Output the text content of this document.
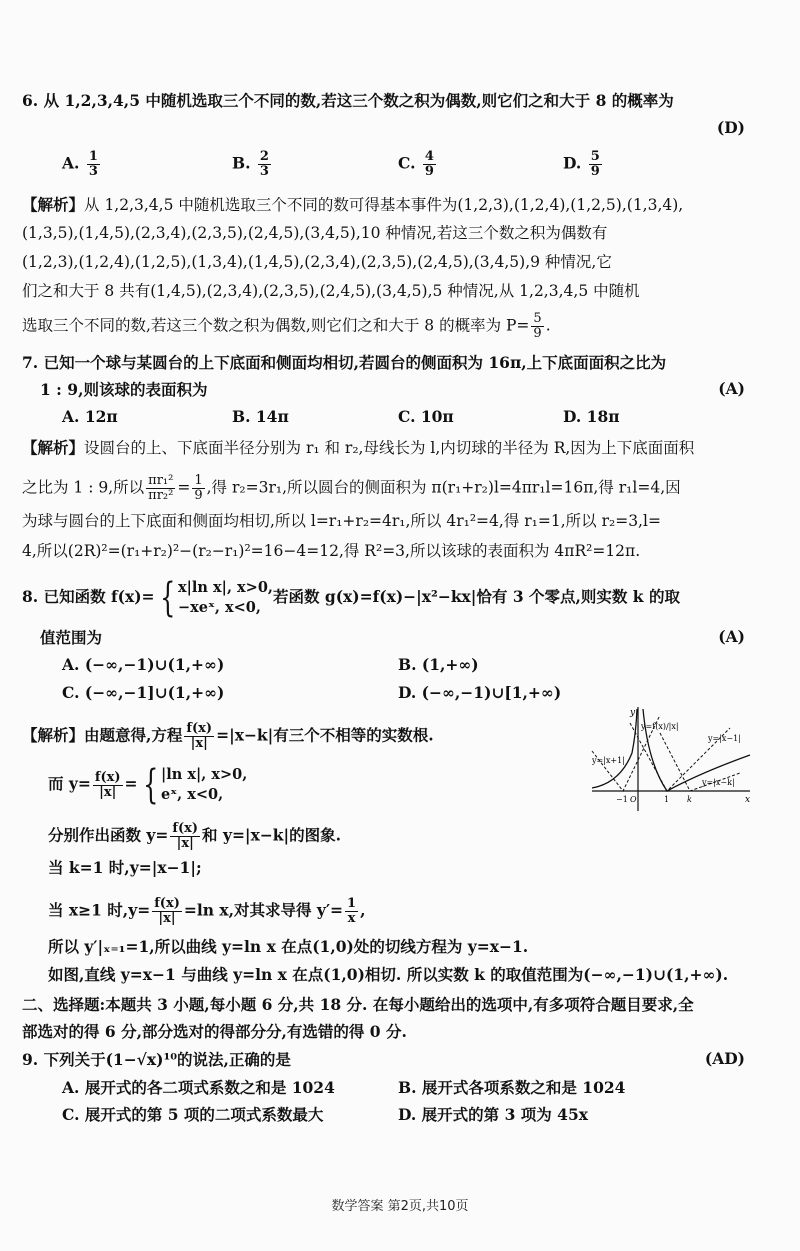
6. 从 1,2,3,4,5 中随机选取三个不同的数,若这三个数之积为偶数,则它们之和大于 8 的概率为
(D)
A. $\frac{1}{3}$	B. $\frac{2}{3}$	C. $\frac{4}{9}$	D. $\frac{5}{9}$
【解析】从 1,2,3,4,5 中随机选取三个不同的数可得基本事件为(1,2,3),(1,2,4),(1,2,5),(1,3,4),
(1,3,5),(1,4,5),(2,3,4),(2,3,5),(2,4,5),(3,4,5),10 种情况,若这三个数之积为偶数有
(1,2,3),(1,2,4),(1,2,5),(1,3,4),(1,4,5),(2,3,4),(2,3,5),(2,4,5),(3,4,5),9 种情况,它
们之和大于 8 共有(1,4,5),(2,3,4),(2,3,5),(2,4,5),(3,4,5),5 种情况,从 1,2,3,4,5 中随机
选取三个不同的数,若这三个数之积为偶数,则它们之和大于 8 的概率为 $P= \frac{5}{9}$ .
7. 已知一个球与某圆台的上下底面和侧面均相切,若圆台的侧面积为 16π,上下底面面积之比为
1 : 9,则该球的表面积为	(A)
A. 12π	B. 14π	C. 10π	D. 18π
【解析】设圆台的上、下底面半径分别为 r₁ 和 r₂,母线长为 l,内切球的半径为 R,因为上下底面面积
之比为 1 : 9,所以 $\frac{\text{πr₁²}}{\text{πr₂²}} = \frac{1}{9}$ ,得 r₂=3r₁,所以圆台的侧面积为 π(r₁+r₂)l=4πr₁l=16π,得 r₁l=4,因
为球与圆台的上下底面和侧面均相切,所以 l=r₁+r₂=4r₁,所以 4r₁²=4,得 r₁=1,所以 r₂=3,l=
4,所以(2R)²=(r₁+r₂)²−(r₂−r₁)²=16−4=12,得 R²=3,所以该球的表面积为 4πR²=12π.
8. 已知函数 f(x)= { x|ln x|, x>0,
−xeˣ, x<0,
若函数 g(x)=f(x)−|x²−kx|恰有 3 个零点,则实数 k 的取
值范围为	(A)
A. (−∞,−1)∪(1,+∞)	B. (1,+∞)
C. (−∞,−1]∪(1,+∞)	D. (−∞,−1)∪[1,+∞)
【解析】由题意得,方程 $\frac{f(x)}{|x|} =|x-k|$有三个不相等的实数根.
而 $y= \frac{f(x)}{|x|}$ = { |ln x|, x>0,
eˣ, x<0,
分别作出函数 $y= \frac{f(x)}{|x|}$ 和 y=|x−k|的图象.
当 k=1 时,y=|x−1|;
当 x≥1 时$,y= \frac{f(x)}{|x|} =\ln$ x,对其求导得 $y'= \frac{1}{x}$ ,
所以 y′|ₓ₌₁=1,所以曲线 y=ln x 在点(1,0)处的切线方程为 y=x−1.
如图,直线 y=x−1 与曲线 y=ln x 在点(1,0)相切. 所以实数 k 的取值范围为(−∞,−1)∪(1,+∞).
y
x
y=f(x)/|x|
y=|x+1|
y=|x−1|
y=|x−k|
−1 O	1 k
二、选择题:本题共 3 小题,每小题 6 分,共 18 分. 在每小题给出的选项中,有多项符合题目要求,全
部选对的得 6 分,部分选对的得部分分,有选错的得 0 分.
9. 下列关于(1−√x)¹⁰的说法,正确的是	(AD)
A. 展开式的各二项式系数之和是 1024	B. 展开式各项系数之和是 1024
C. 展开式的第 5 项的二项式系数最大	D. 展开式的第 3 项为 45x
数学答案 第2页,共10页
